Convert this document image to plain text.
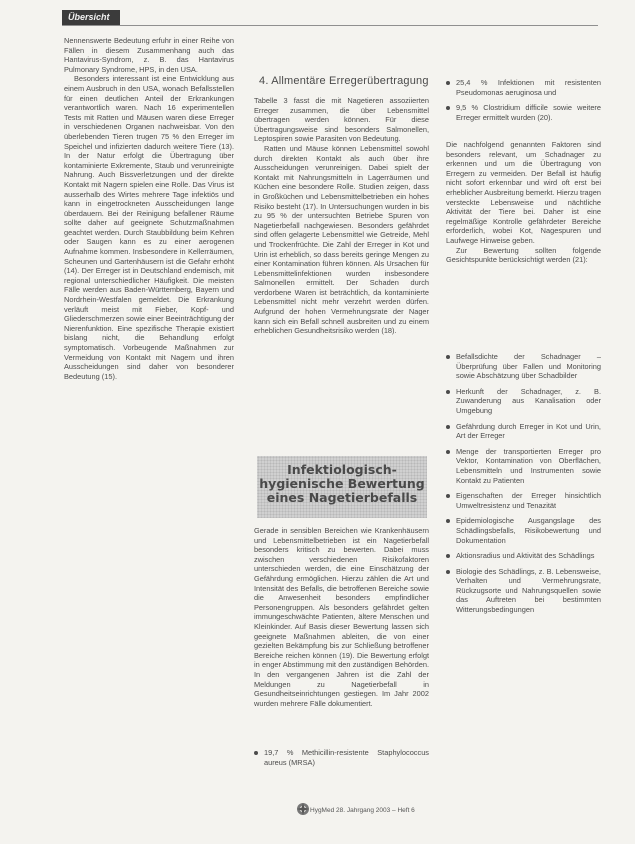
Übersicht

Nennenswerte Bedeutung erfuhr in einer Reihe von Fällen in diesem Zusammenhang auch das Hantavirus-Syndrom, z. B. das Hantavirus Pulmonary Syndrome, HPS, in den USA.

Besonders interessant ist eine Entwicklung aus einem Ausbruch in den USA, wonach Befallsstellen für einen deutlichen Anteil der Erkrankungen verantwortlich waren. Nach 16 experimentellen Tests mit Ratten und Mäusen waren diese Erreger in verschiedenen Organen nachweisbar. Von den überlebenden Tieren trugen 75 % den Erreger im Speichel und infizierten dadurch weitere Tiere (13). In der Natur erfolgt die Übertragung über kontaminierte Exkremente, Staub und verunreinigte Nahrung. Auch Bissverletzungen und der direkte Kontakt mit Nagern spielen eine Rolle. Das Virus ist ausserhalb des Wirtes mehrere Tage infektiös und kann in eingetrockneten Ausscheidungen lange überdauern. Bei der Reinigung befallener Räume sollte daher auf geeignete Schutzmaßnahmen geachtet werden. Durch Staubbildung beim Kehren oder Saugen kann es zu einer aerogenen Aufnahme kommen. Insbesondere in Kellerräumen, Scheunen und Gartenhäusern ist die Gefahr erhöht (14). Der Erreger ist in Deutschland endemisch, mit regional unterschiedlicher Häufigkeit. Die meisten Fälle werden aus Baden-Württemberg, Bayern und Nordrhein-Westfalen gemeldet. Die Erkrankung verläuft meist mit Fieber, Kopf- und Gliederschmerzen sowie einer Beeinträchtigung der Nierenfunktion. Eine spezifische Therapie existiert bislang nicht, die Behandlung erfolgt symptomatisch. Vorbeugende Maßnahmen zur Vermeidung von Kontakt mit Nagern und ihren Ausscheidungen sind daher von besonderer Bedeutung (15).

4. Allmentäre Erregerübertragung

Tabelle 3 fasst die mit Nagetieren assoziierten Erreger zusammen, die über Lebensmittel übertragen werden können. Für diese Übertragungsweise sind besonders Salmonellen, Leptospiren sowie Parasiten von Bedeutung.

Ratten und Mäuse können Lebensmittel sowohl durch direkten Kontakt als auch über ihre Ausscheidungen verunreinigen. Dabei spielt der Kontakt mit Nahrungsmitteln in Lagerräumen und Küchen eine besondere Rolle. Studien zeigen, dass in Großküchen und Lebensmittelbetrieben ein hohes Risiko besteht (17). In Untersuchungen wurden in bis zu 95 % der untersuchten Betriebe Spuren von Nagetierbefall nachgewiesen. Besonders gefährdet sind offen gelagerte Lebensmittel wie Getreide, Mehl und Trockenfrüchte. Die Zahl der Erreger in Kot und Urin ist erheblich, so dass bereits geringe Mengen zu einer Kontamination führen können. Als Ursachen für Lebensmittelinfektionen wurden insbesondere Salmonellen ermittelt. Der Schaden durch verdorbene Waren ist beträchtlich, da kontaminierte Lebensmittel nicht mehr verzehrt werden dürfen. Aufgrund der hohen Vermehrungsrate der Nager kann sich ein Befall schnell ausbreiten und zu einem erheblichen Gesundheitsrisiko werden (18).

Infektiologisch-
hygienische Bewertung
eines Nagetierbefalls

Gerade in sensiblen Bereichen wie Krankenhäusern und Lebensmittelbetrieben ist ein Nagetierbefall besonders kritisch zu bewerten. Dabei muss zwischen verschiedenen Risikofaktoren unterschieden werden, die eine Einschätzung der Gefährdung ermöglichen. Hierzu zählen die Art und Intensität des Befalls, die betroffenen Bereiche sowie die Anwesenheit besonders empfindlicher Personengruppen. Als besonders gefährdet gelten immungeschwächte Patienten, ältere Menschen und Kleinkinder. Auf Basis dieser Bewertung lassen sich geeignete Maßnahmen ableiten, die von einer gezielten Bekämpfung bis zur Schließung betroffener Bereiche reichen können (19). Die Bewertung erfolgt in enger Abstimmung mit den zuständigen Behörden. In den vergangenen Jahren ist die Zahl der Meldungen zu Nagetierbefall in Gesundheitseinrichtungen gestiegen. Im Jahr 2002 wurden mehrere Fälle dokumentiert.

19,7 % Methicillin-resistente Staphylococcus aureus (MRSA)
25,4 % Infektionen mit resistenten Pseudomonas aeruginosa und
9,5 % Clostridium difficile sowie weitere Erreger ermittelt wurden (20).

Die nachfolgend genannten Faktoren sind besonders relevant, um Schadnager zu erkennen und um die Übertragung von Erregern zu vermeiden. Der Befall ist häufig nicht sofort erkennbar und wird oft erst bei erheblicher Ausbreitung bemerkt. Hierzu tragen versteckte Lebensweise und nächtliche Aktivität der Tiere bei. Daher ist eine regelmäßige Kontrolle gefährdeter Bereiche erforderlich, wobei Kot, Nagespuren und Laufwege Hinweise geben.

Zur Bewertung sollten folgende Gesichtspunkte berücksichtigt werden (21):

Befallsdichte der Schadnager – Überprüfung über Fallen und Monitoring sowie Abschätzung über Schadbilder
Herkunft der Schadnager, z. B. Zuwanderung aus Kanalisation oder Umgebung
Gefährdung durch Erreger in Kot und Urin, Art der Erreger
Menge der transportierten Erreger pro Vektor, Kontamination von Oberflächen, Lebensmitteln und Instrumenten sowie Kontakt zu Patienten
Eigenschaften der Erreger hinsichtlich Umweltresistenz und Tenazität
Epidemiologische Ausgangslage des Schädlingsbefalls, Risikobewertung und Dokumentation
Aktionsradius und Aktivität des Schädlings
Biologie des Schädlings, z. B. Lebensweise, Verhalten und Vermehrungsrate, Rückzugsorte und Nahrungsquellen sowie das Auftreten bei bestimmten Witterungsbedingungen
HygMed 28. Jahrgang 2003 – Heft 6
